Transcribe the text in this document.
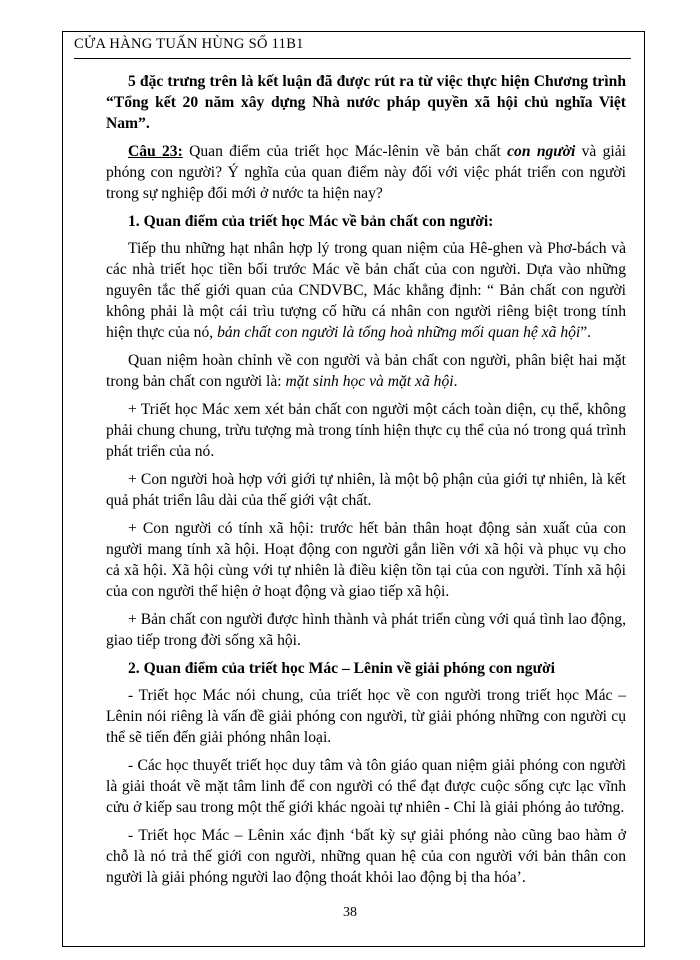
CỬA HÀNG TUẤN HÙNG SỐ 11B1

5 đặc trưng trên là kết luận đã được rút ra từ việc thực hiện Chương trình “Tổng kết 20 năm xây dựng Nhà nước pháp quyền xã hội chủ nghĩa Việt Nam”.

Câu 23: Quan điểm của triết học Mác-lênin về bản chất con người và giải phóng con người? Ý nghĩa của quan điểm này đối với việc phát triển con người trong sự nghiệp đổi mới ở nước ta hiện nay?

1. Quan điểm của triết học Mác về bản chất con người:

Tiếp thu những hạt nhân hợp lý trong quan niệm của Hê-ghen và Phơ-bách và các nhà triết học tiền bối trước Mác về bản chất của con người. Dựa vào những nguyên tắc thế giới quan của CNDVBC, Mác khẳng định: “ Bản chất con người không phải là một cái trìu tượng cố hữu cá nhân con người riêng biệt trong tính hiện thực của nó, bản chất con người là tổng hoà những mối quan hệ xã hội”.

Quan niệm hoàn chỉnh về con người và bản chất con người, phân biệt hai mặt trong bản chất con người là: mặt sinh học và mặt xã hội.

+ Triết học Mác xem xét bản chất con người một cách toàn diện, cụ thể, không phải chung chung, trừu tượng mà trong tính hiện thực cụ thể của nó trong quá trình phát triển của nó.

+ Con người hoà hợp với giới tự nhiên, là một bộ phận của giới tự nhiên, là kết quả phát triển lâu dài của thế giới vật chất.

+ Con người có tính xã hội: trước hết bản thân hoạt động sản xuất của con người mang tính xã hội. Hoạt động con người gắn liền với xã hội và phục vụ cho cả xã hội. Xã hội cùng với tự nhiên là điều kiện tồn tại của con người. Tính xã hội của con người thể hiện ở hoạt động và giao tiếp xã hội.

+ Bản chất con người được hình thành và phát triển cùng với quá tình lao động, giao tiếp trong đời sống xã hội.

2. Quan điểm của triết học Mác – Lênin về giải phóng con người

- Triết học Mác nói chung, của triết học về con người trong triết học Mác – Lênin nói riêng là vấn đề giải phóng con người, từ giải phóng những con người cụ thể sẽ tiến đến giải phóng nhân loại.

- Các học thuyết triết học duy tâm và tôn giáo quan niệm giải phóng con người là giải thoát về mặt tâm linh để con người có thể đạt được cuộc sống cực lạc vĩnh cửu ở kiếp sau trong một thế giới khác ngoài tự nhiên - Chỉ là giải phóng ảo tưởng.

- Triết học Mác – Lênin xác định ‘bất kỳ sự giải phóng nào cũng bao hàm ở chỗ là nó trả thế giới con người, những quan hệ của con người với bản thân con người là giải phóng người lao động thoát khỏi lao động bị tha hóa’.

38
